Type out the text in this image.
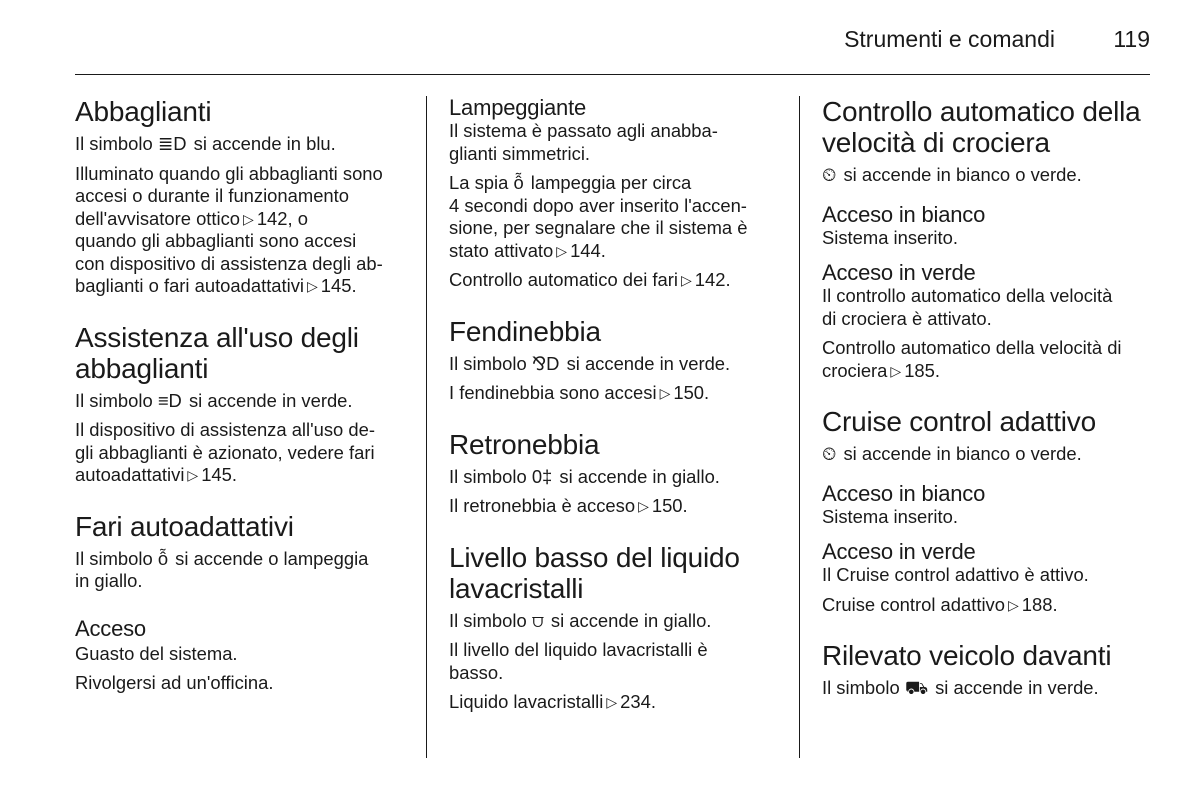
Strumenti e comandi	119
Abbaglianti

Il simbolo ≣D si accende in blu.

Illuminato quando gli abbaglianti sono
accesi o durante il funzionamento
dell'avvisatore ottico ▷ 142, o
quando gli abbaglianti sono accesi
con dispositivo di assistenza degli ab-
baglianti o fari autoadattativi ▷ 145.

Assistenza all'uso degli
abbaglianti

Il simbolo ≡D si accende in verde.

Il dispositivo di assistenza all'uso de-
gli abbaglianti è azionato, vedere fari
autoadattativi ▷ 145.

Fari autoadattativi

Il simbolo ỗ si accende o lampeggia
in giallo.

Acceso

Guasto del sistema.

Rivolgersi ad un'officina.

Lampeggiante

Il sistema è passato agli anabba-
glianti simmetrici.

La spia ỗ lampeggia per circa
4 secondi dopo aver inserito l'accen-
sione, per segnalare che il sistema è
stato attivato ▷ 144.

Controllo automatico dei fari ▷ 142.

Fendinebbia

Il simbolo ⅋D si accende in verde.

I fendinebbia sono accesi ▷ 150.

Retronebbia

Il simbolo 0‡ si accende in giallo.

Il retronebbia è acceso ▷ 150.

Livello basso del liquido
lavacristalli

Il simbolo ⩌ si accende in giallo.

Il livello del liquido lavacristalli è
basso.

Liquido lavacristalli ▷ 234.

Controllo automatico della
velocità di crociera

⏲ si accende in bianco o verde.

Acceso in bianco

Sistema inserito.

Acceso in verde

Il controllo automatico della velocità
di crociera è attivato.

Controllo automatico della velocità di
crociera ▷ 185.

Cruise control adattivo

⏲ si accende in bianco o verde.

Acceso in bianco

Sistema inserito.

Acceso in verde

Il Cruise control adattivo è attivo.

Cruise control adattivo ▷ 188.

Rilevato veicolo davanti

Il simbolo ⛟ si accende in verde.
